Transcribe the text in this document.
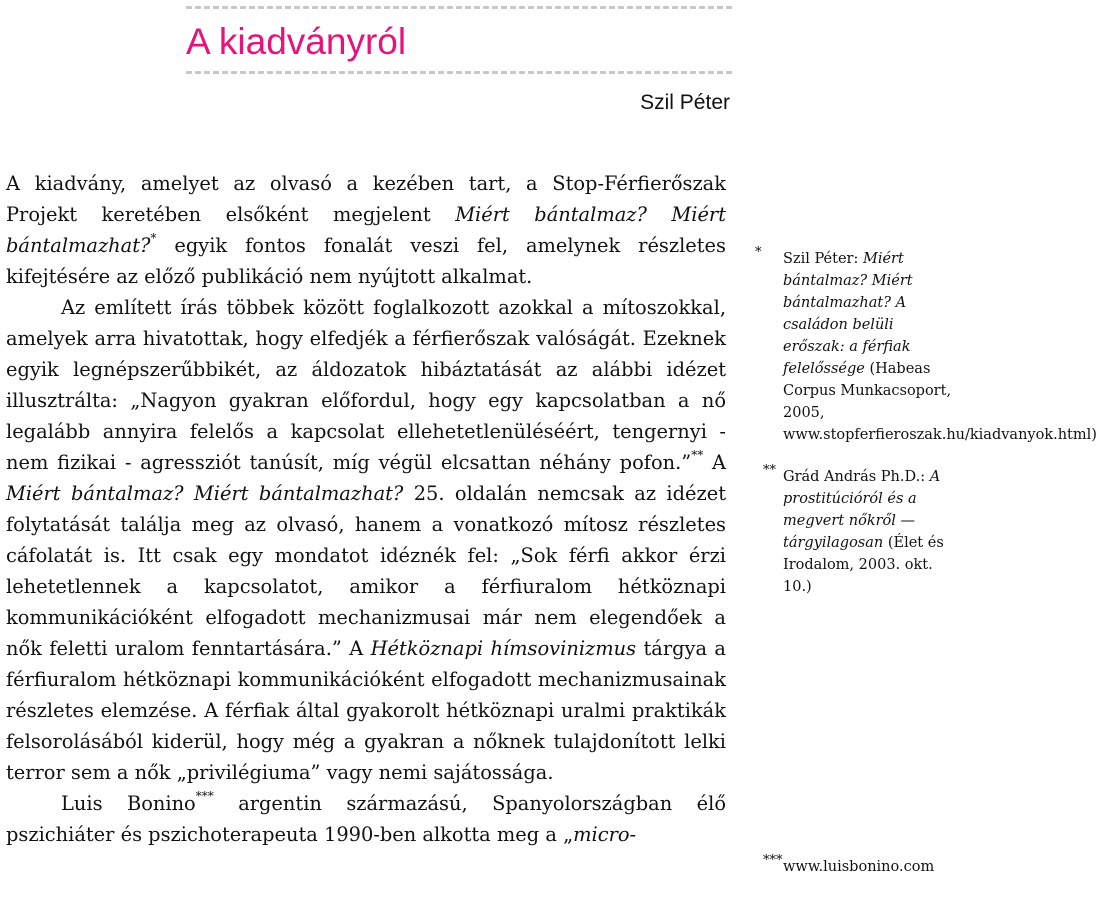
A kiadványról
Szil Péter

A kiadvány, amelyet az olvasó a kezében tart, a Stop-Férfierőszak Projekt keretében elsőként megjelent Miért bántalmaz? Miért bántalmazhat?* egyik fontos fonalát veszi fel, amelynek részletes kifejtésére az előző publikáció nem nyújtott alkalmat.

Az említett írás többek között foglalkozott azokkal a mítoszokkal, amelyek arra hivatottak, hogy elfedjék a férfierőszak valóságát. Ezeknek egyik legnépszerűbbikét, az áldozatok hibáztatását az alábbi idézet illusztrálta: „Nagyon gyakran előfordul, hogy egy kapcsolatban a nő legalább annyira felelős a kapcsolat ellehetetlenüléséért, tengernyi - nem fizikai - agressziót tanúsít, míg végül elcsattan néhány pofon.”** A Miért bántalmaz? Miért bántalmazhat? 25. oldalán nemcsak az idézet folytatását találja meg az olvasó, hanem a vonatkozó mítosz részletes cáfolatát is. Itt csak egy mondatot idéznék fel: „Sok férfi akkor érzi lehetetlennek a kapcsolatot, amikor a férfiuralom hétköznapi kommunikációként elfogadott mechanizmusai már nem elegendőek a nők feletti uralom fenntartására.” A Hétköznapi hímsovinizmus tárgya a férfiuralom hétköznapi kommunikációként elfogadott mechanizmusainak részletes elemzése. A férfiak által gyakorolt hétköznapi uralmi praktikák felsorolásából kiderül, hogy még a gyakran a nőknek tulajdonított lelki terror sem a nők „privilégiuma” vagy nemi sajátossága.

Luis Bonino*** argentin származású, Spanyolországban élő pszichiáter és pszichoterapeuta 1990-ben alkotta meg a „micro-

* Szil Péter: Miért bántalmaz? Miért bántalmazhat? A családon belüli erőszak: a férfiak felelőssége (Habeas Corpus Munkacsoport, 2005, www.stopferfieroszak.hu/kiadvanyok.html)
** Grád András Ph.D.: A prostitúcióról és a megvert nőkről — tárgyilagosan (Élet és Irodalom, 2003. okt. 10.)
*** www.luisbonino.com
